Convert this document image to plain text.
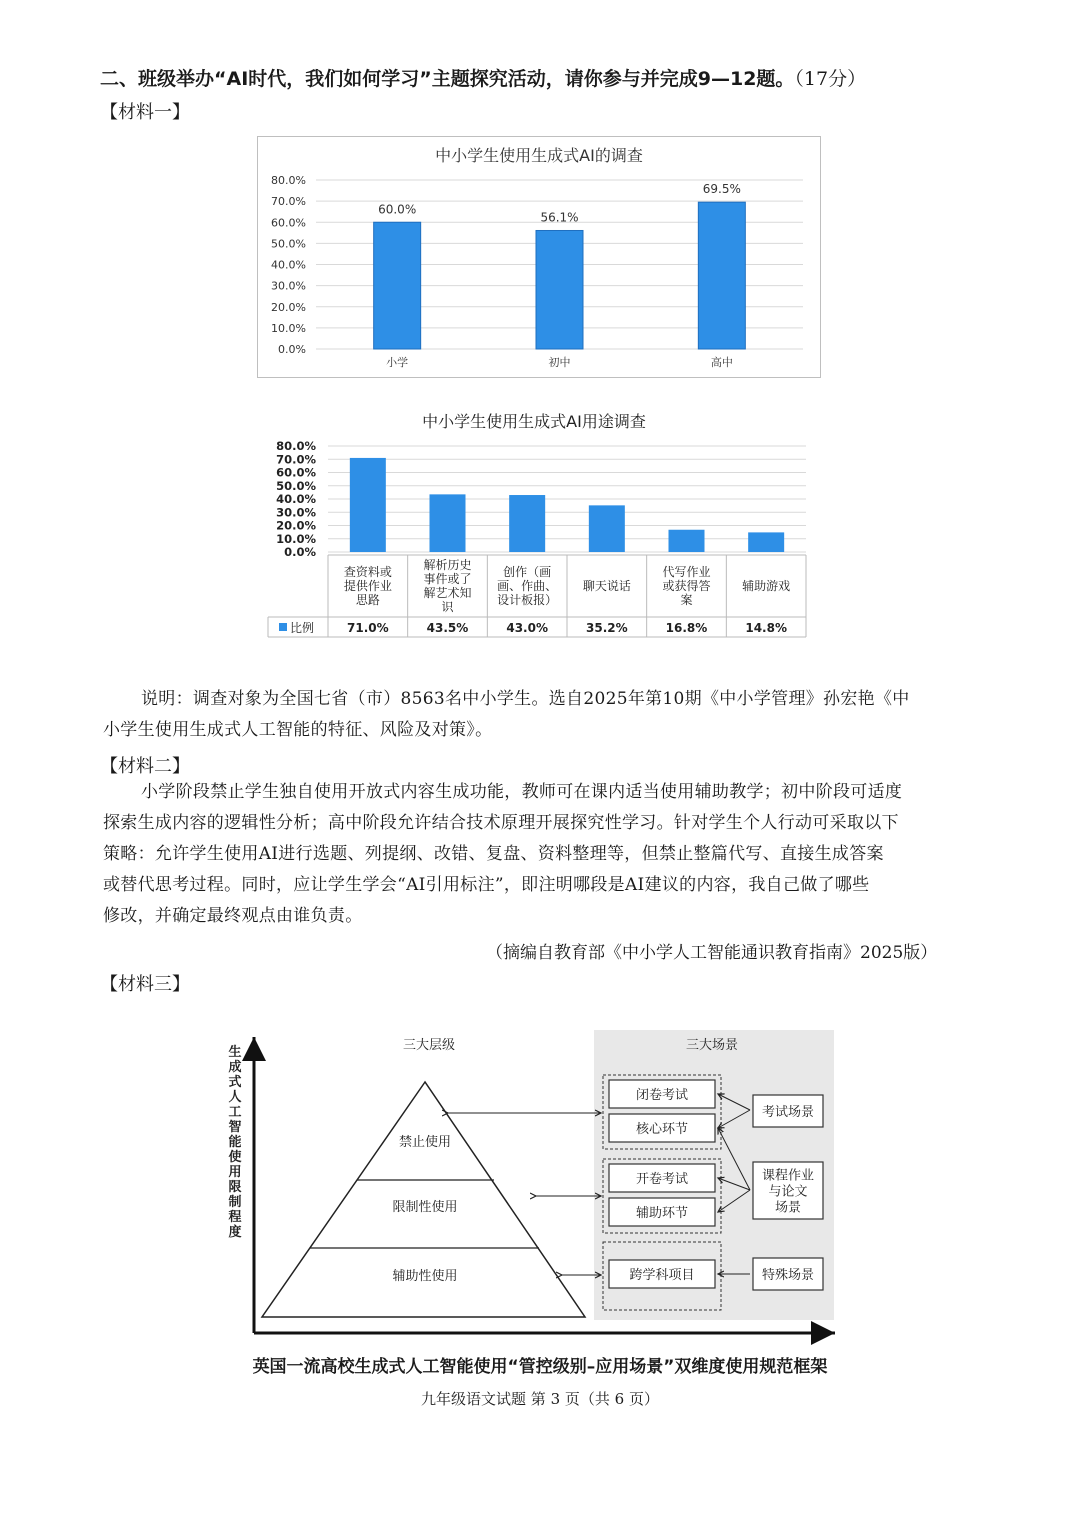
二、班级举办“AI时代，我们如何学习”主题探究活动，请你参与并完成9—12题。（17分）
【材料一】
中小学生使用生成式AI的调查
80.0%
70.0%
60.0%
50.0%
40.0%
30.0%
20.0%
10.0%
0.0%
60.0%
小学
56.1%
初中
69.5%
高中
中小学生使用生成式AI用途调查
80.0%
70.0%
60.0%
50.0%
40.0%
30.0%
20.0%
10.0%
0.0%
比例
查资料或
提供作业
思路
71.0%
解析历史
事件或了
解艺术知
识
43.5%
创作（画
画、作曲、
设计板报）
43.0%
聊天说话
35.2%
代写作业
或获得答
案
16.8%
辅助游戏
14.8%
说明：调查对象为全国七省（市）8563名中小学生。选自2025年第10期《中小学管理》孙宏艳《中
小学生使用生成式人工智能的特征、风险及对策》。
【材料二】
小学阶段禁止学生独自使用开放式内容生成功能，教师可在课内适当使用辅助教学；初中阶段可适度
探索生成内容的逻辑性分析；高中阶段允许结合技术原理开展探究性学习。针对学生个人行动可采取以下
策略：允许学生使用AI进行选题、列提纲、改错、复盘、资料整理等，但禁止整篇代写、直接生成答案
或替代思考过程。同时，应让学生学会“AI引用标注”，即注明哪段是AI建议的内容，我自己做了哪些
修改，并确定最终观点由谁负责。
（摘编自教育部《中小学人工智能通识教育指南》2025版）
【材料三】
生
成
式
人
工
智
能
使
用
限
制
程
度
三大层级	三大场景
禁止使用
限制性使用
辅助性使用
闭卷考试
核心环节
开卷考试
辅助环节
跨学科项目
考试场景
课程作业
与论文
场景
特殊场景
英国一流高校生成式人工智能使用“管控级别–应用场景”双维度使用规范框架
九年级语文试题 第 3 页（共 6 页）
